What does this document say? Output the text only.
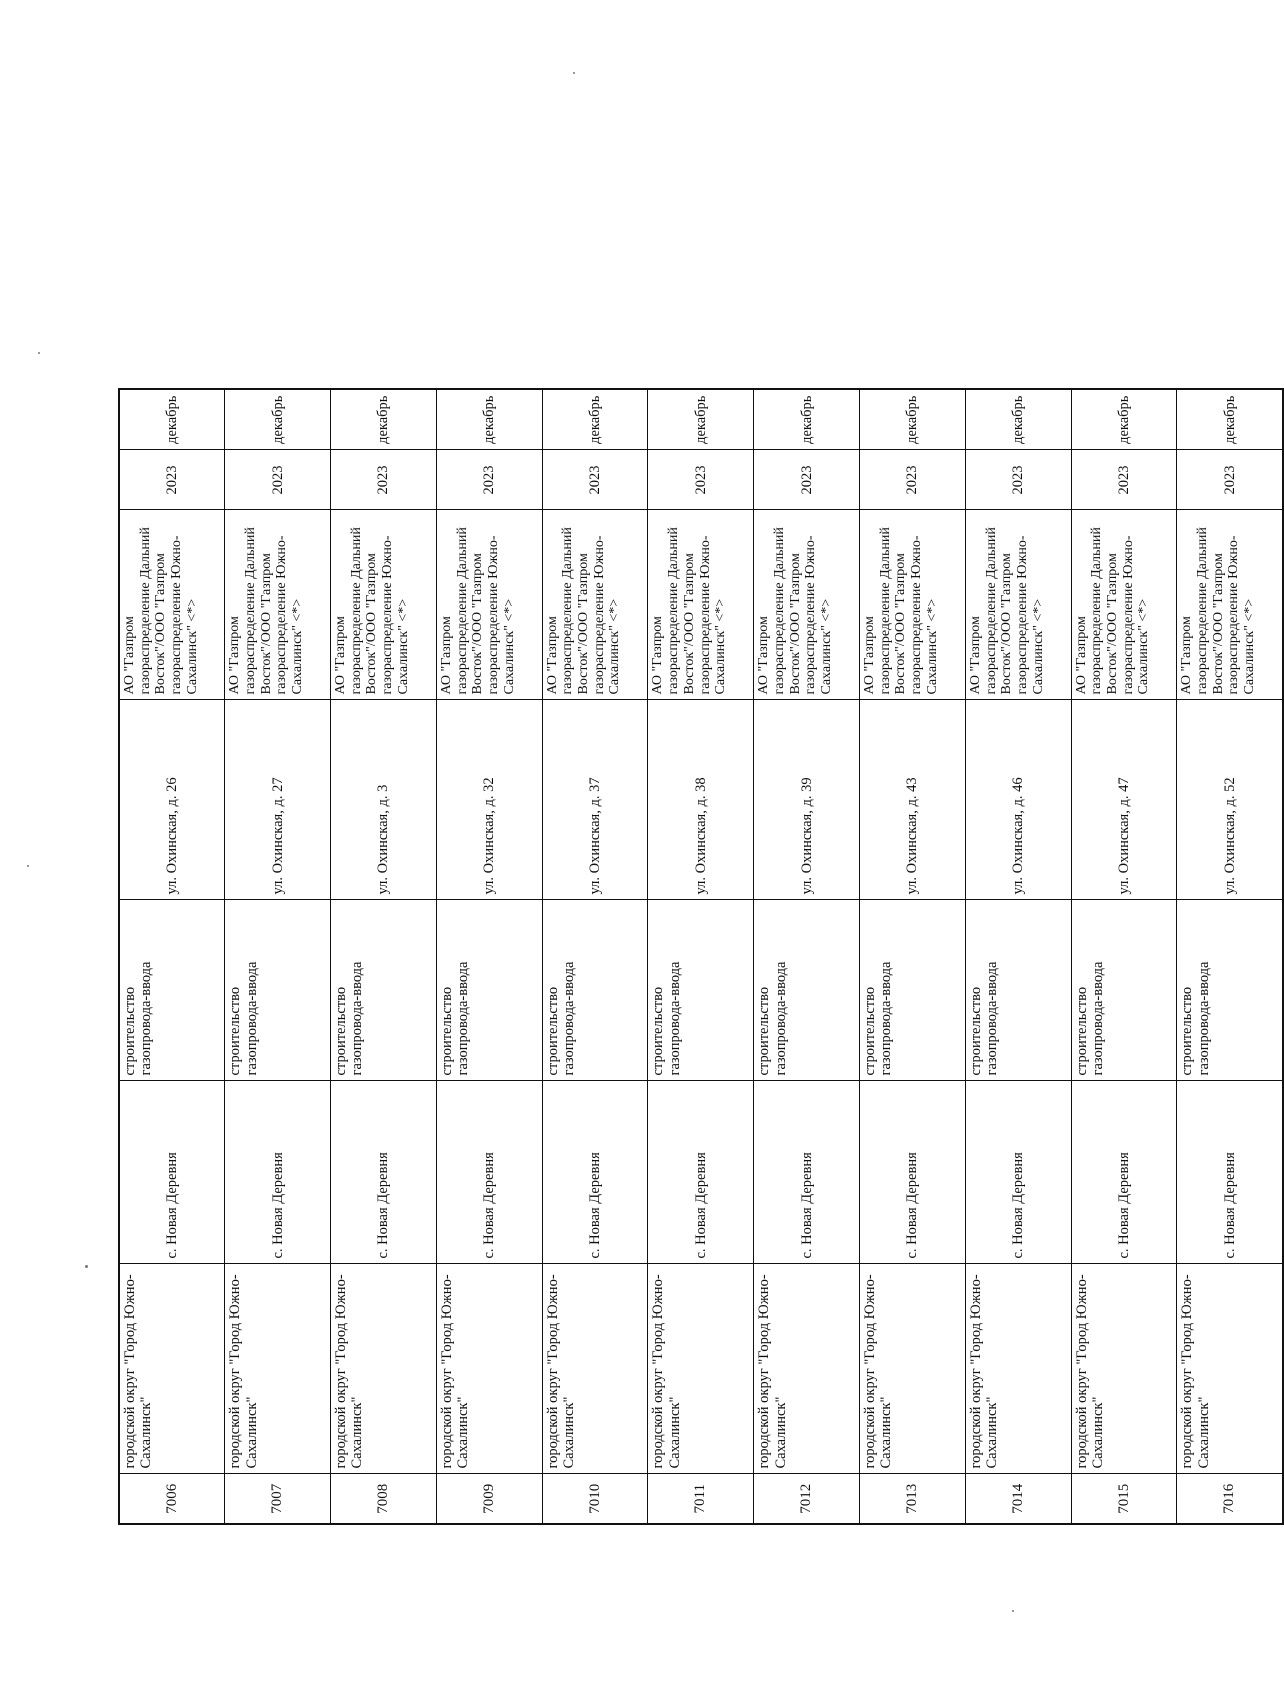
7006	городской округ "Город Южно-Сахалинск"	с. Новая Деревня	строительство газопровода-ввода	ул. Охинская, д. 26	АО "Газпром газораспределение Дальний Восток"/ООО "Газпром газораспределение Южно-Сахалинск" <*>	2023	декабрь
7007	городской округ "Город Южно-Сахалинск"	с. Новая Деревня	строительство газопровода-ввода	ул. Охинская, д. 27	АО "Газпром газораспределение Дальний Восток"/ООО "Газпром газораспределение Южно-Сахалинск" <*>	2023	декабрь
7008	городской округ "Город Южно-Сахалинск"	с. Новая Деревня	строительство газопровода-ввода	ул. Охинская, д. 3	АО "Газпром газораспределение Дальний Восток"/ООО "Газпром газораспределение Южно-Сахалинск" <*>	2023	декабрь
7009	городской округ "Город Южно-Сахалинск"	с. Новая Деревня	строительство газопровода-ввода	ул. Охинская, д. 32	АО "Газпром газораспределение Дальний Восток"/ООО "Газпром газораспределение Южно-Сахалинск" <*>	2023	декабрь
7010	городской округ "Город Южно-Сахалинск"	с. Новая Деревня	строительство газопровода-ввода	ул. Охинская, д. 37	АО "Газпром газораспределение Дальний Восток"/ООО "Газпром газораспределение Южно-Сахалинск" <*>	2023	декабрь
7011	городской округ "Город Южно-Сахалинск"	с. Новая Деревня	строительство газопровода-ввода	ул. Охинская, д. 38	АО "Газпром газораспределение Дальний Восток"/ООО "Газпром газораспределение Южно-Сахалинск" <*>	2023	декабрь
7012	городской округ "Город Южно-Сахалинск"	с. Новая Деревня	строительство газопровода-ввода	ул. Охинская, д. 39	АО "Газпром газораспределение Дальний Восток"/ООО "Газпром газораспределение Южно-Сахалинск" <*>	2023	декабрь
7013	городской округ "Город Южно-Сахалинск"	с. Новая Деревня	строительство газопровода-ввода	ул. Охинская, д. 43	АО "Газпром газораспределение Дальний Восток"/ООО "Газпром газораспределение Южно-Сахалинск" <*>	2023	декабрь
7014	городской округ "Город Южно-Сахалинск"	с. Новая Деревня	строительство газопровода-ввода	ул. Охинская, д. 46	АО "Газпром газораспределение Дальний Восток"/ООО "Газпром газораспределение Южно-Сахалинск" <*>	2023	декабрь
7015	городской округ "Город Южно-Сахалинск"	с. Новая Деревня	строительство газопровода-ввода	ул. Охинская, д. 47	АО "Газпром газораспределение Дальний Восток"/ООО "Газпром газораспределение Южно-Сахалинск" <*>	2023	декабрь
7016	городской округ "Город Южно-Сахалинск"	с. Новая Деревня	строительство газопровода-ввода	ул. Охинская, д. 52	АО "Газпром газораспределение Дальний Восток"/ООО "Газпром газораспределение Южно-Сахалинск" <*>	2023	декабрь
